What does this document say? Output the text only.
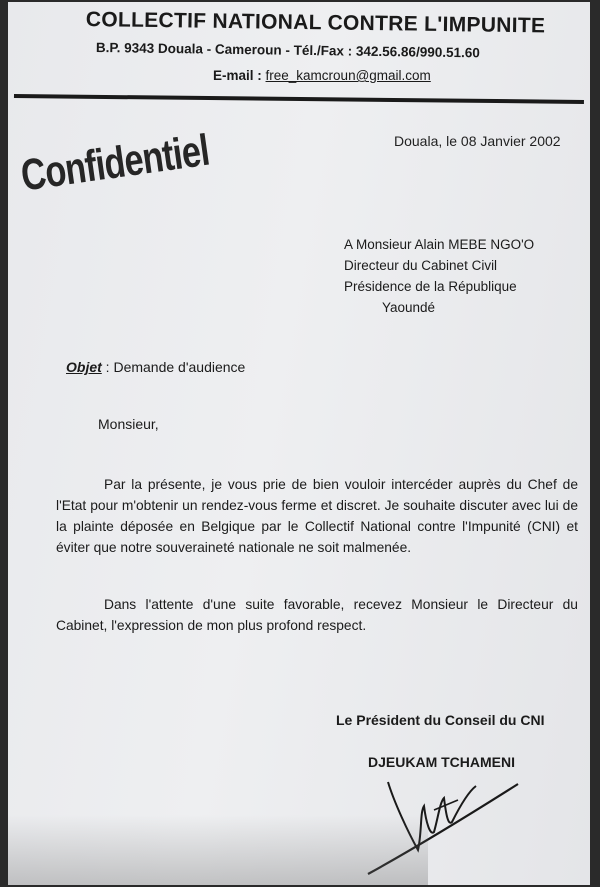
COLLECTIF NATIONAL CONTRE L'IMPUNITE
B.P. 9343 Douala - Cameroun - Tél./Fax : 342.56.86/990.51.60
E-mail : free_kamcroun@gmail.com
Confidentiel	Douala, le 08 Janvier 2002
A Monsieur Alain MEBE NGO'O
Directeur du Cabinet Civil
Présidence de la République
Yaoundé
Objet : Demande d'audience
Monsieur,
Par la présente, je vous prie de bien vouloir intercéder auprès du Chef de l'Etat pour m'obtenir un rendez-vous ferme et discret. Je souhaite discuter avec lui de la plainte déposée en Belgique par le Collectif National contre l'Impunité (CNI) et éviter que notre souveraineté nationale ne soit malmenée.
Dans l'attente d'une suite favorable, recevez Monsieur le Directeur du Cabinet, l'expression de mon plus profond respect.
Le Président du Conseil du CNI
DJEUKAM TCHAMENI
